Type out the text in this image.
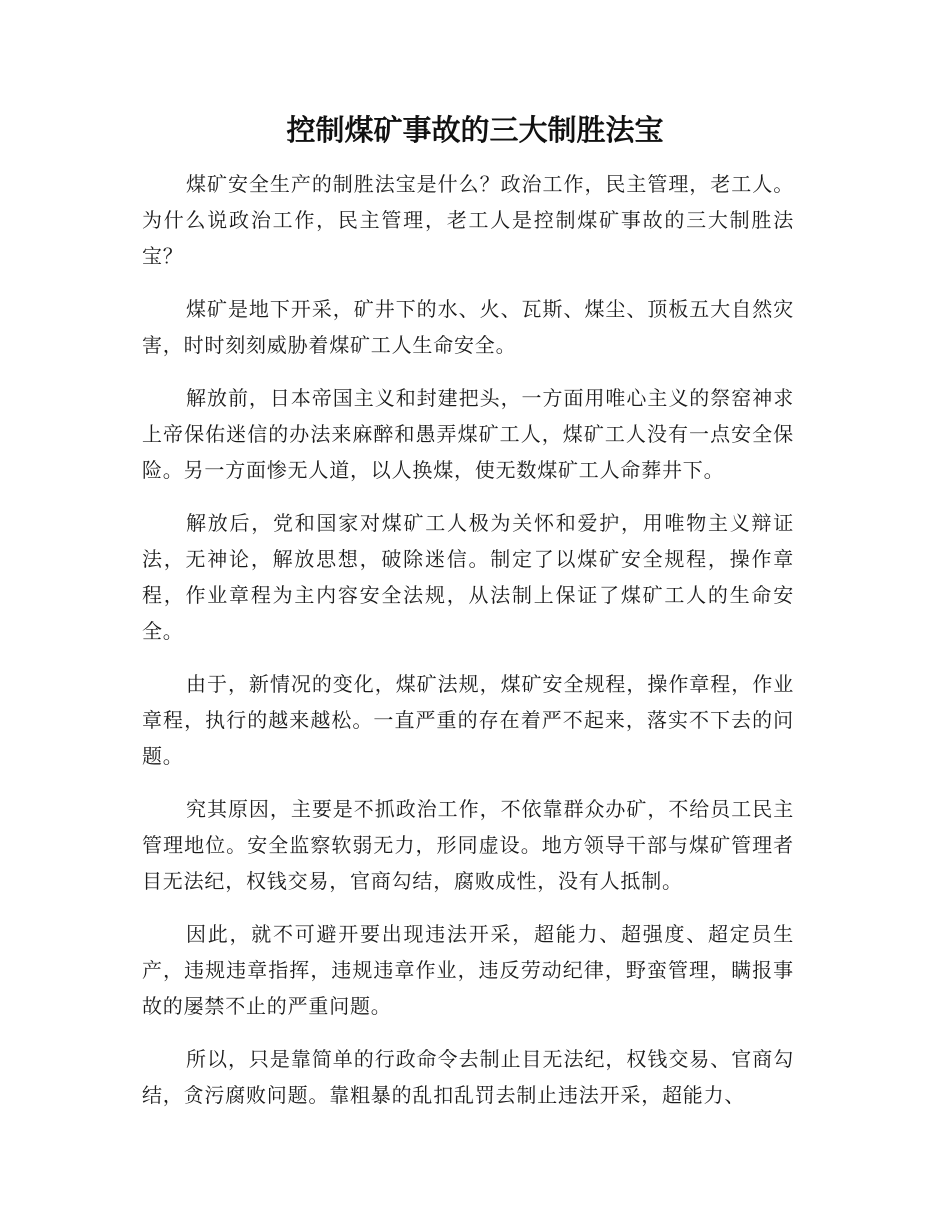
控制煤矿事故的三大制胜法宝

煤矿安全生产的制胜法宝是什么？政治工作，民主管理，老工人。为什么说政治工作，民主管理，老工人是控制煤矿事故的三大制胜法宝？

煤矿是地下开采，矿井下的水、火、瓦斯、煤尘、顶板五大自然灾害，时时刻刻威胁着煤矿工人生命安全。

解放前，日本帝国主义和封建把头，一方面用唯心主义的祭窑神求上帝保佑迷信的办法来麻醉和愚弄煤矿工人，煤矿工人没有一点安全保险。另一方面惨无人道，以人换煤，使无数煤矿工人命葬井下。

解放后，党和国家对煤矿工人极为关怀和爱护，用唯物主义辩证法，无神论，解放思想，破除迷信。制定了以煤矿安全规程，操作章程，作业章程为主内容安全法规，从法制上保证了煤矿工人的生命安全。

由于，新情况的变化，煤矿法规，煤矿安全规程，操作章程，作业章程，执行的越来越松。一直严重的存在着严不起来，落实不下去的问题。

究其原因，主要是不抓政治工作，不依靠群众办矿，不给员工民主管理地位。安全监察软弱无力，形同虚设。地方领导干部与煤矿管理者目无法纪，权钱交易，官商勾结，腐败成性，没有人抵制。

因此，就不可避开要出现违法开采，超能力、超强度、超定员生产，违规违章指挥，违规违章作业，违反劳动纪律，野蛮管理，瞒报事故的屡禁不止的严重问题。

所以，只是靠简单的行政命令去制止目无法纪，权钱交易、官商勾结，贪污腐败问题。靠粗暴的乱扣乱罚去制止违法开采，超能力、
